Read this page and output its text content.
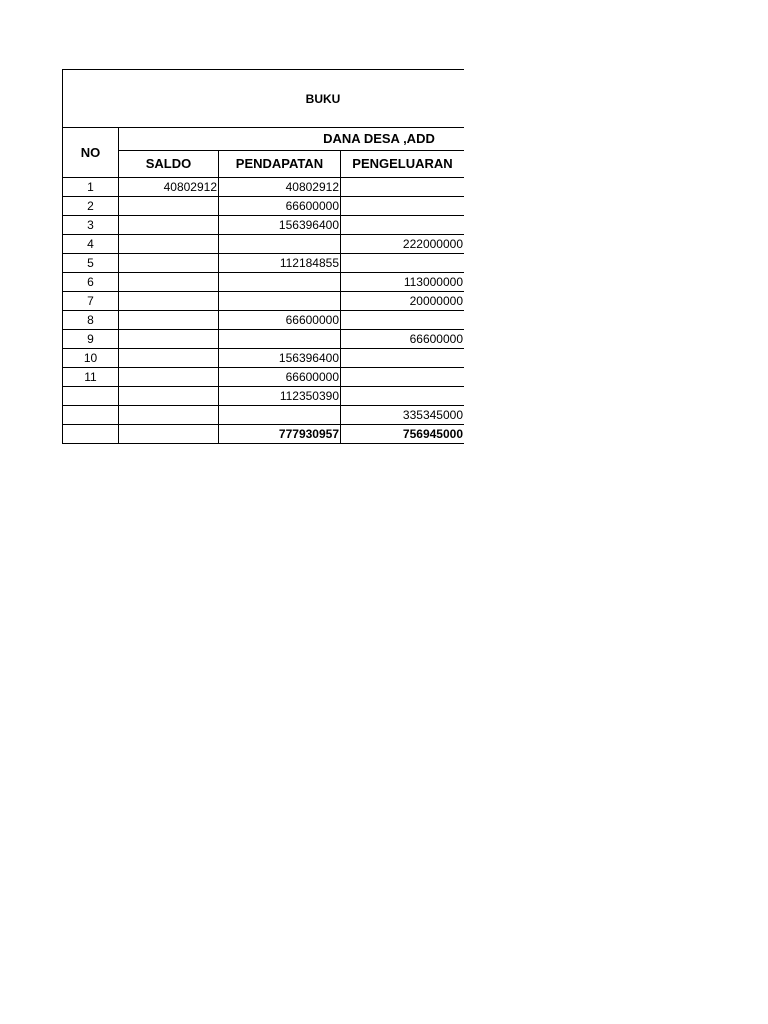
BUKU				

NO	DANA DESA ,ADD			

	SALDO	PENDAPATAN	PENGELUARAN	
1	40802912	40802912		
2		66600000		
3		156396400		
4			222000000	
5		112184855		
6			113000000	
7			20000000	
8		66600000		
9			66600000	
10		156396400		
11		66600000		
		112350390		
			335345000	
		777930957	756945000	
